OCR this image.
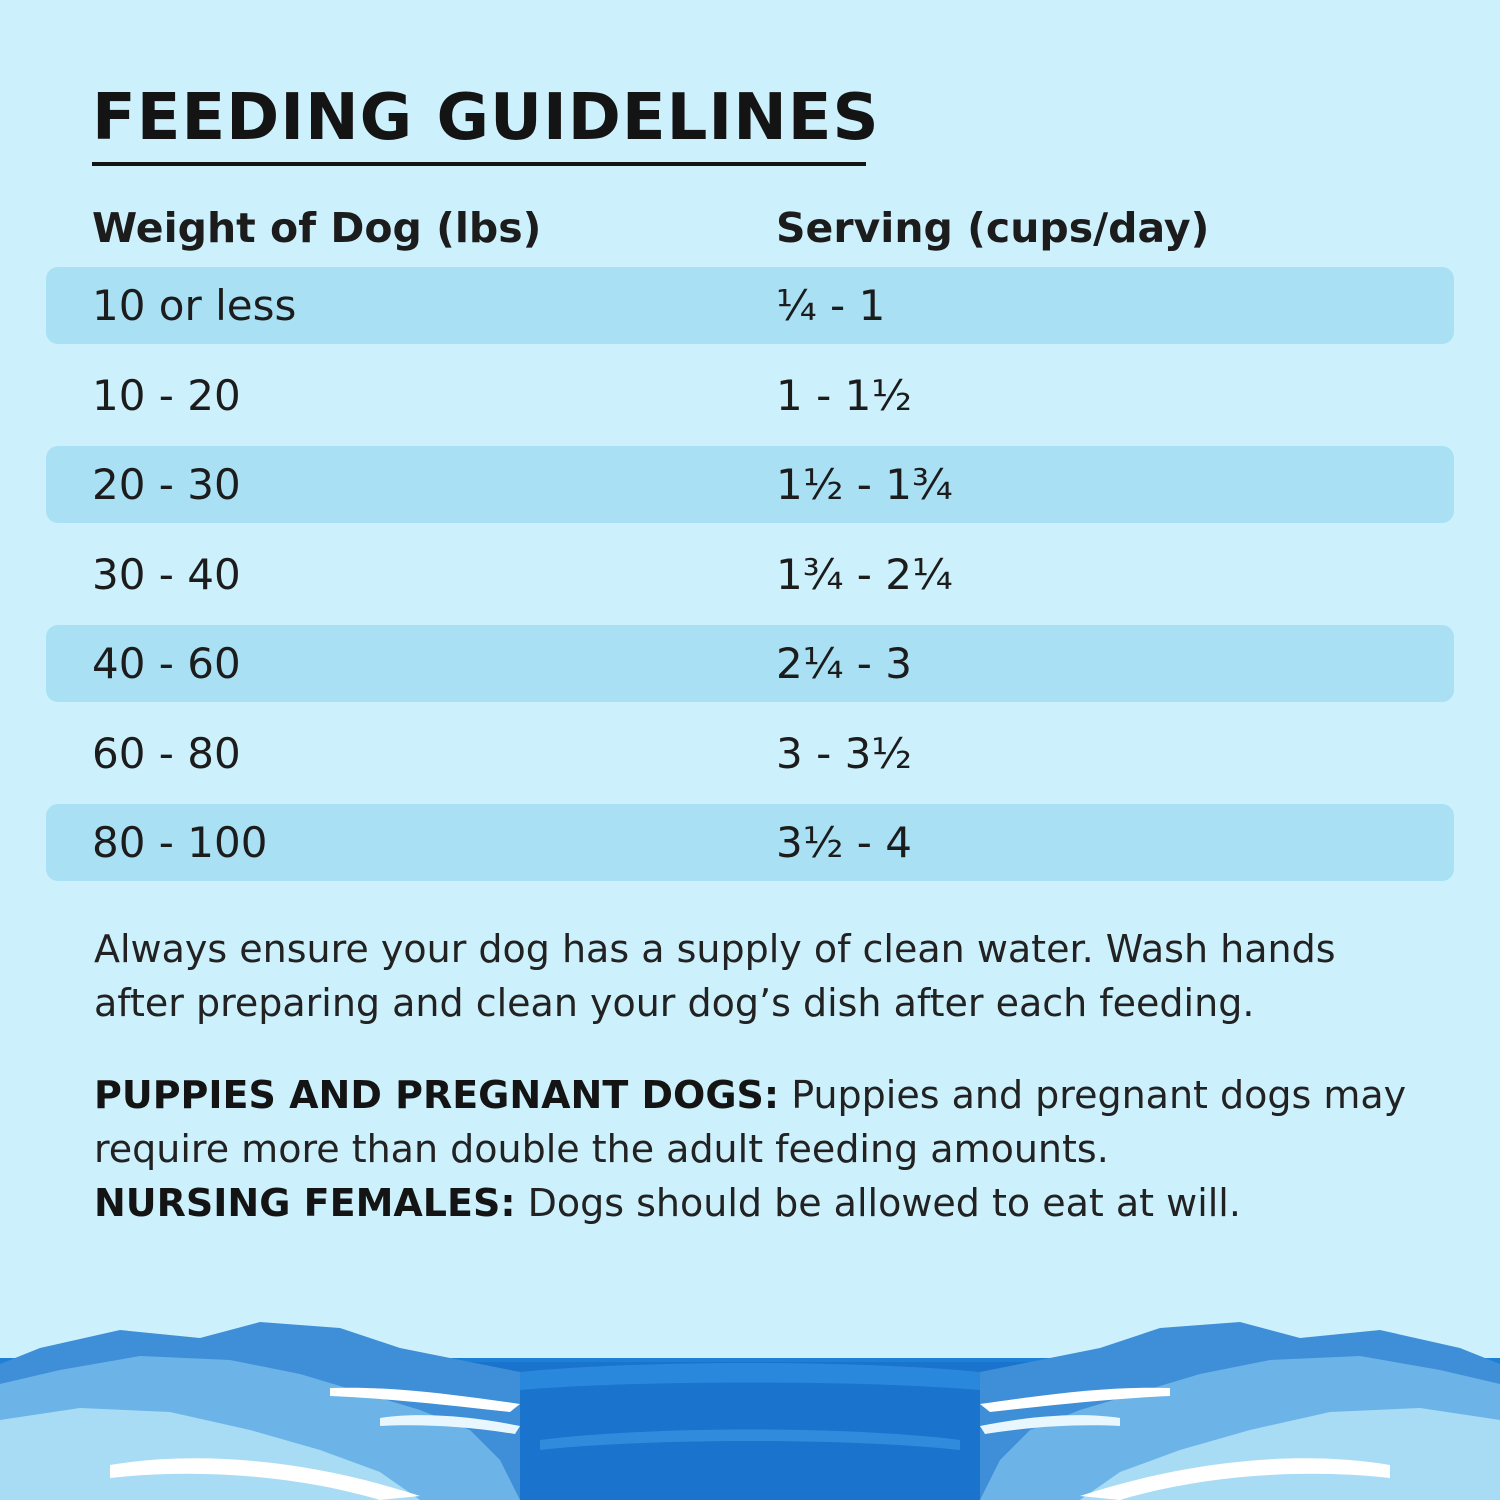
FEEDING GUIDELINES
Weight of Dog (lbs)	Serving (cups/day)
10 or less	¼ - 1
10 - 20	1 - 1½
20 - 30	1½ - 1¾
30 - 40	1¾ - 2¼
40 - 60	2¼ - 3
60 - 80	3 - 3½
80 - 100	3½ - 4

Always ensure your dog has a supply of clean water. Wash hands after preparing and clean your dog’s dish after each feeding.

PUPPIES AND PREGNANT DOGS: Puppies and pregnant dogs may require more than double the adult feeding amounts.
NURSING FEMALES: Dogs should be allowed to eat at will.
